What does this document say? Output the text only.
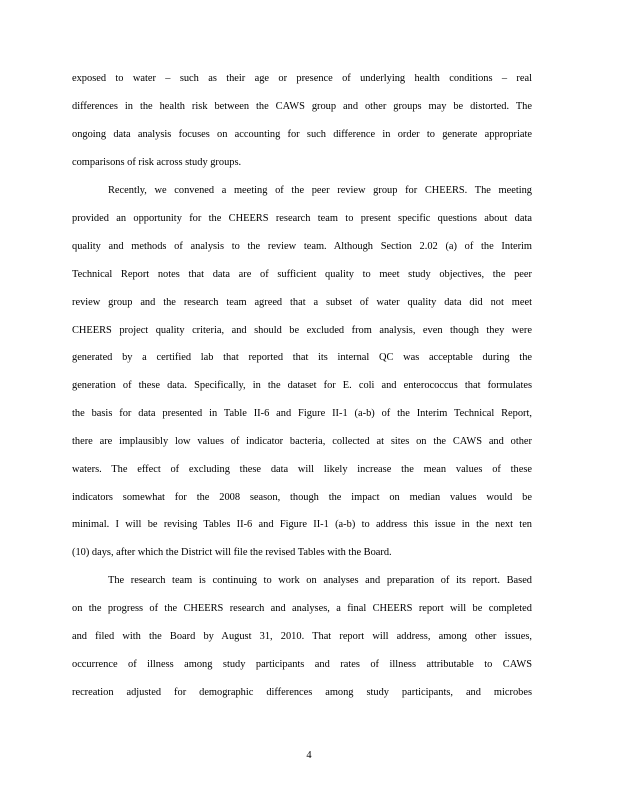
exposed to water – such as their age or presence of underlying health conditions – real
differences in the health risk between the CAWS group and other groups may be distorted. The
ongoing data analysis focuses on accounting for such difference in order to generate appropriate
comparisons of risk across study groups.
Recently, we convened a meeting of the peer review group for CHEERS. The meeting
provided an opportunity for the CHEERS research team to present specific questions about data
quality and methods of analysis to the review team. Although Section 2.02 (a) of the Interim
Technical Report notes that data are of sufficient quality to meet study objectives, the peer
review group and the research team agreed that a subset of water quality data did not meet
CHEERS project quality criteria, and should be excluded from analysis, even though they were
generated by a certified lab that reported that its internal QC was acceptable during the
generation of these data. Specifically, in the dataset for E. coli and enterococcus that formulates
the basis for data presented in Table II-6 and Figure II-1 (a-b) of the Interim Technical Report,
there are implausibly low values of indicator bacteria, collected at sites on the CAWS and other
waters. The effect of excluding these data will likely increase the mean values of these
indicators somewhat for the 2008 season, though the impact on median values would be
minimal. I will be revising Tables II-6 and Figure II-1 (a-b) to address this issue in the next ten
(10) days, after which the District will file the revised Tables with the Board.
The research team is continuing to work on analyses and preparation of its report. Based
on the progress of the CHEERS research and analyses, a final CHEERS report will be completed
and filed with the Board by August 31, 2010. That report will address, among other issues,
occurrence of illness among study participants and rates of illness attributable to CAWS
recreation adjusted for demographic differences among study participants, and microbes
4
